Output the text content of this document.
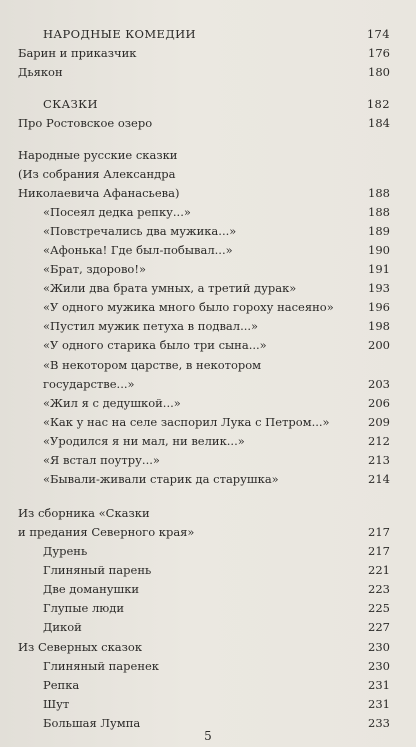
НАРОДНЫЕ КОМЕДИИ	174
Барин и приказчик	176
Дьякон	180
СКАЗКИ	182
Про Ростовское озеро	184
Народные русские сказки
(Из собрания Александра
Николаевича Афанасьева)	188
«Посеял дедка репку...»	188
«Повстречались два мужика...»	189
«Афонька! Где был-побывал...»	190
«Брат, здорово!»	191
«Жили два брата умных, а третий дурак»	193
«У одного мужика много было гороху насеяно»	196
«Пустил мужик петуха в подвал...»	198
«У одного старика было три сына...»	200
«В некотором царстве, в некотором
государстве...»	203
«Жил я с дедушкой...»	206
«Как у нас на селе заспорил Лука с Петром...»	209
«Уродился я ни мал, ни велик...»	212
«Я встал поутру...»	213
«Бывали-живали старик да старушка»	214
Из сборника «Сказки
и предания Северного края»	217
Дурень	217
Глиняный парень	221
Две доманушки	223
Глупые люди	225
Дикой	227
Из Северных сказок	230
Глиняный паренек	230
Репка	231
Шут	231
Большая Лумпа	233
5
